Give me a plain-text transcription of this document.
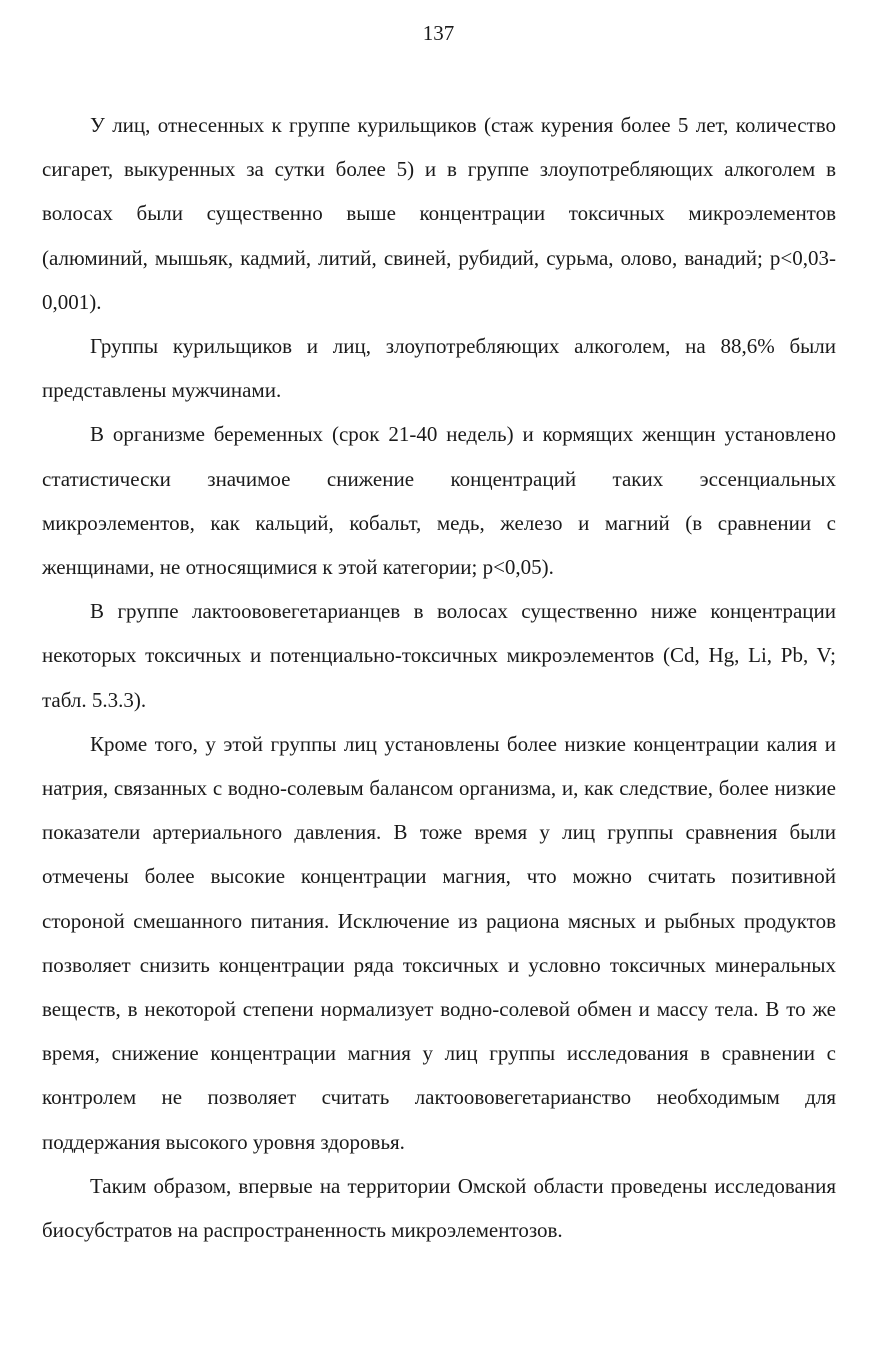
137

У лиц, отнесенных к группе курильщиков (стаж курения более 5 лет, количество сигарет, выкуренных за сутки более 5) и в группе злоупотребляющих алкоголем в волосах были существенно выше концентрации токсичных микроэлементов (алюминий, мышьяк, кадмий, литий, свиней, рубидий, сурьма, олово, ванадий; p<0,03-0,001).

Группы курильщиков и лиц, злоупотребляющих алкоголем, на 88,6% были представлены мужчинами.

В организме беременных (срок 21-40 недель) и кормящих женщин установлено статистически значимое снижение концентраций таких эссенциальных микроэлементов, как кальций, кобальт, медь, железо и магний (в сравнении с женщинами, не относящимися к этой категории; p<0,05).

В группе лактоововегетарианцев в волосах существенно ниже концентрации некоторых токсичных и потенциально-токсичных микроэлементов (Cd, Hg, Li, Pb, V; табл. 5.3.3).

Кроме того, у этой группы лиц установлены более низкие концентрации калия и натрия, связанных с водно-солевым балансом организма, и, как следствие, более низкие показатели артериального давления. В тоже время у лиц группы сравнения были отмечены более высокие концентрации магния, что можно считать позитивной стороной смешанного питания. Исключение из рациона мясных и рыбных продуктов позволяет снизить концентрации ряда токсичных и условно токсичных минеральных веществ, в некоторой степени нормализует водно-солевой обмен и массу тела. В то же время, снижение концентрации магния у лиц группы исследования в сравнении с контролем не позволяет считать лактоововегетарианство необходимым для поддержания высокого уровня здоровья.

Таким образом, впервые на территории Омской области проведены исследования биосубстратов на распространенность микроэлементозов.
